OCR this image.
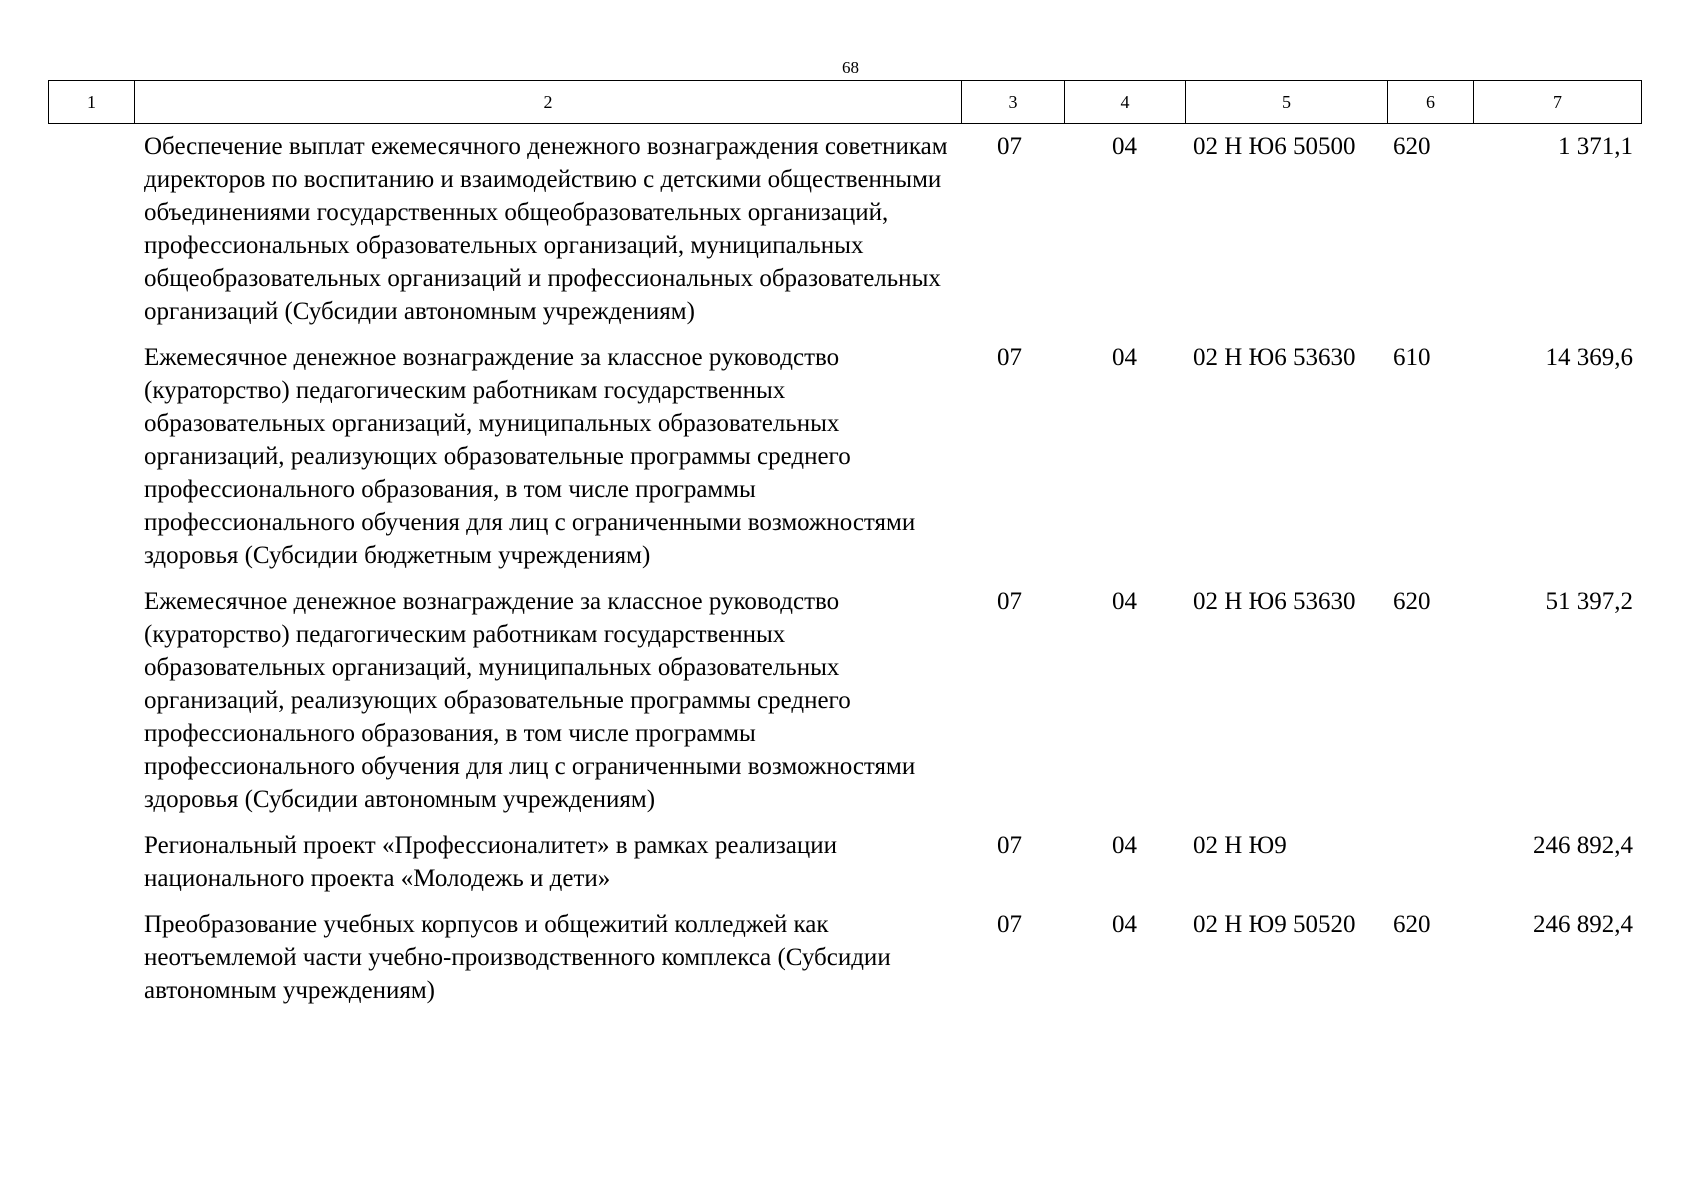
68
1	2	3	4	5	6	7
	Обеспечение выплат ежемесячного денежного вознаграждения советникам директоров по воспитанию и взаимодействию с детскими общественными объединениями государственных общеобразовательных организаций, профессиональных образовательных организаций, муниципальных общеобразовательных организаций и профессиональных образовательных организаций (Субсидии автономным учреждениям)	07	04	02 Н Ю6 50500	620	1 371,1
	Ежемесячное денежное вознаграждение за классное руководство (кураторство) педагогическим работникам государственных образовательных организаций, муниципальных образовательных организаций, реализующих образовательные программы среднего профессионального образования, в том числе программы профессионального обучения для лиц с ограниченными возможностями здоровья (Субсидии бюджетным учреждениям)	07	04	02 Н Ю6 53630	610	14 369,6
	Ежемесячное денежное вознаграждение за классное руководство (кураторство) педагогическим работникам государственных образовательных организаций, муниципальных образовательных организаций, реализующих образовательные программы среднего профессионального образования, в том числе программы профессионального обучения для лиц с ограниченными возможностями здоровья (Субсидии автономным учреждениям)	07	04	02 Н Ю6 53630	620	51 397,2
	Региональный проект «Профессионалитет» в рамках реализации национального проекта «Молодежь и дети»	07	04	02 Н Ю9		246 892,4
	Преобразование учебных корпусов и общежитий колледжей как неотъемлемой части учебно-производственного комплекса (Субсидии автономным учреждениям)	07	04	02 Н Ю9 50520	620	246 892,4
